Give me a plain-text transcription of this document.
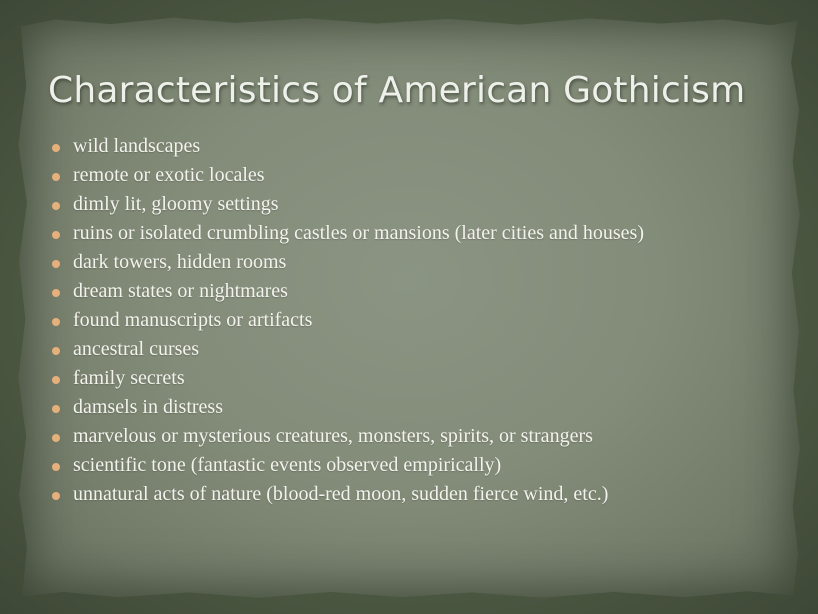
Characteristics of American Gothicism
wild landscapes
remote or exotic locales
dimly lit, gloomy settings
ruins or isolated crumbling castles or mansions (later cities and houses)
dark towers, hidden rooms
dream states or nightmares
found manuscripts or artifacts
ancestral curses
family secrets
damsels in distress
marvelous or mysterious creatures, monsters, spirits, or strangers
scientific tone (fantastic events observed empirically)
unnatural acts of nature (blood-red moon, sudden fierce wind, etc.)
